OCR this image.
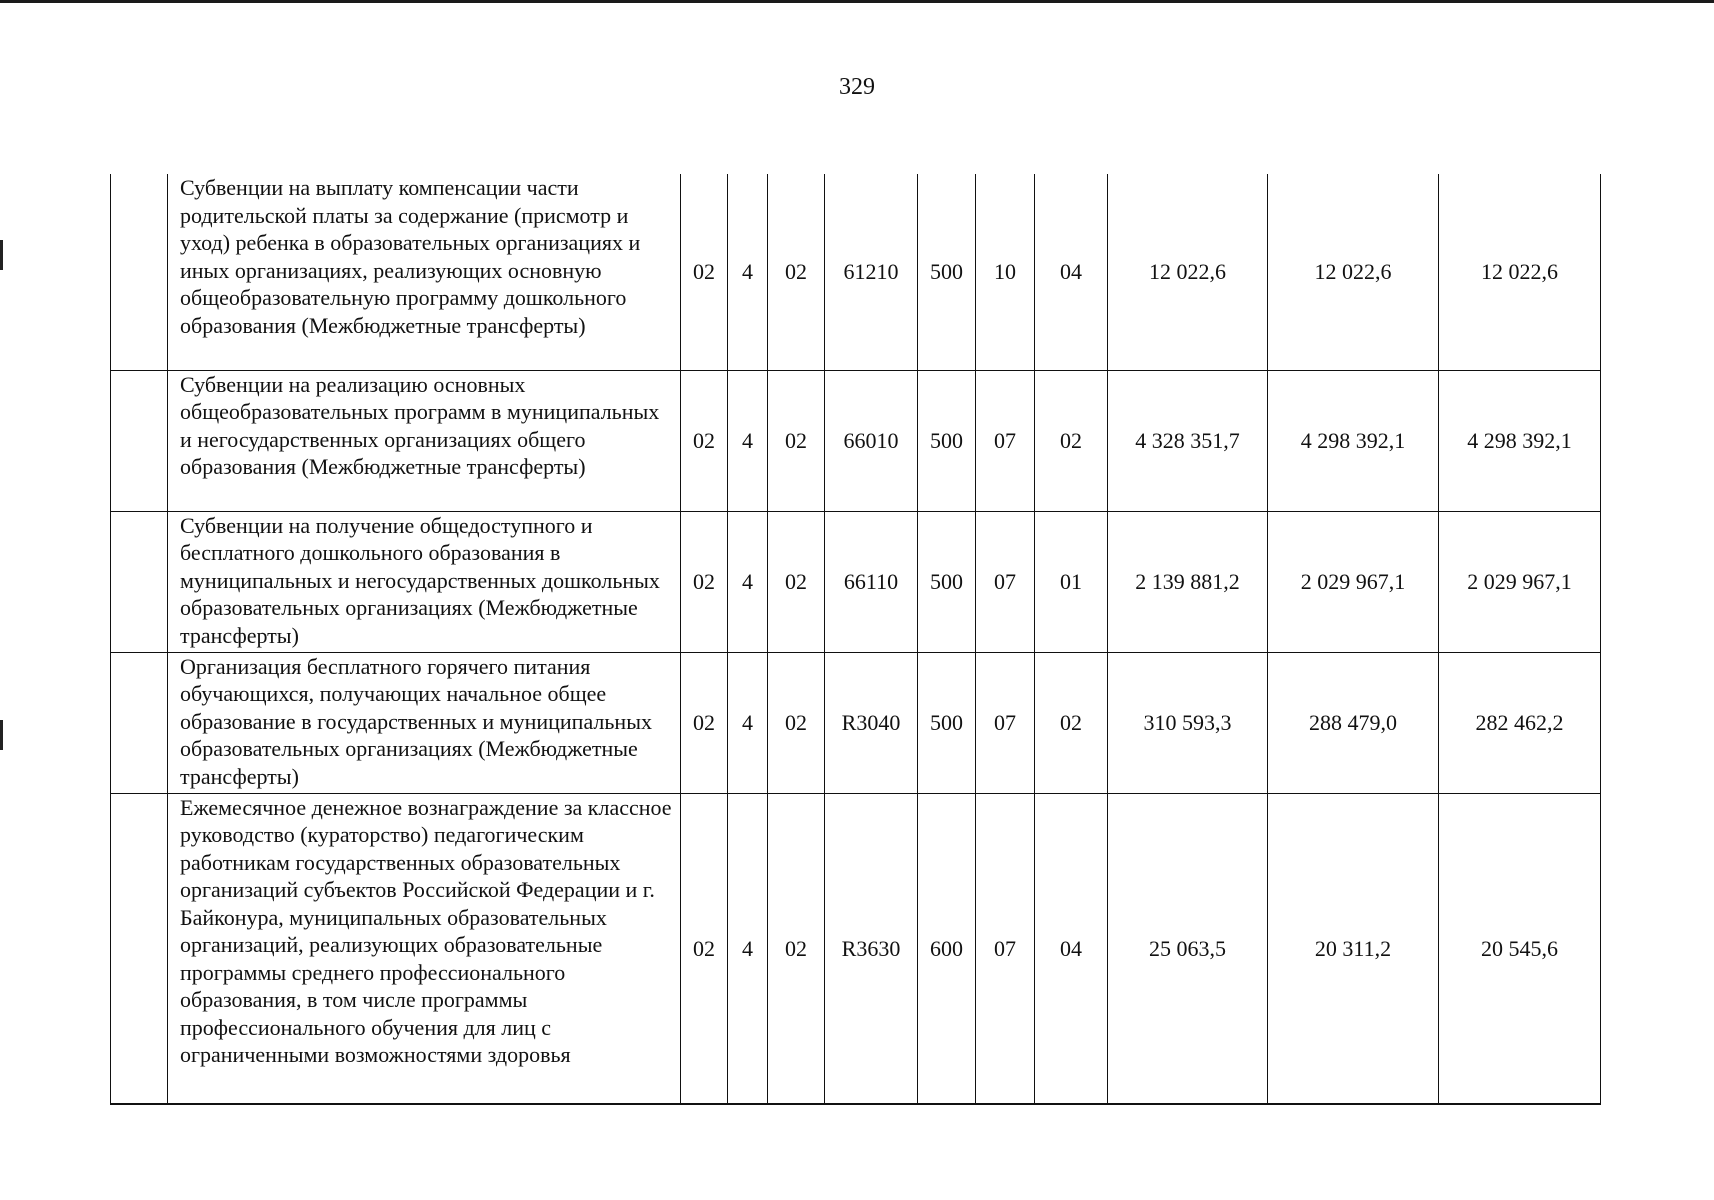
329
	Субвенции на выплату компенсации части родительской платы за содержание (присмотр и уход) ребенка в образовательных организациях и иных организациях, реализующих основную общеобразовательную программу дошкольного образования (Межбюджетные трансферты)	02	4	02	61210	500	10	04	12 022,6	12 022,6	12 022,6
	Субвенции на реализацию основных общеобразовательных программ в муниципальных и негосударственных организациях общего образования (Межбюджетные трансферты)	02	4	02	66010	500	07	02	4 328 351,7	4 298 392,1	4 298 392,1
	Субвенции на получение общедоступного и бесплатного дошкольного образования в муниципальных и негосударственных дошкольных образовательных организациях (Межбюджетные трансферты)	02	4	02	66110	500	07	01	2 139 881,2	2 029 967,1	2 029 967,1
	Организация бесплатного горячего питания обучающихся, получающих начальное общее образование в государственных и муниципальных образовательных организациях (Межбюджетные трансферты)	02	4	02	R3040	500	07	02	310 593,3	288 479,0	282 462,2
	Ежемесячное денежное вознаграждение за классное руководство (кураторство) педагогическим работникам государственных образовательных организаций субъектов Российской Федерации и г. Байконура, муниципальных образовательных организаций, реализующих образовательные программы среднего профессионального образования, в том числе программы профессионального обучения для лиц с ограниченными возможностями здоровья	02	4	02	R3630	600	07	04	25 063,5	20 311,2	20 545,6
